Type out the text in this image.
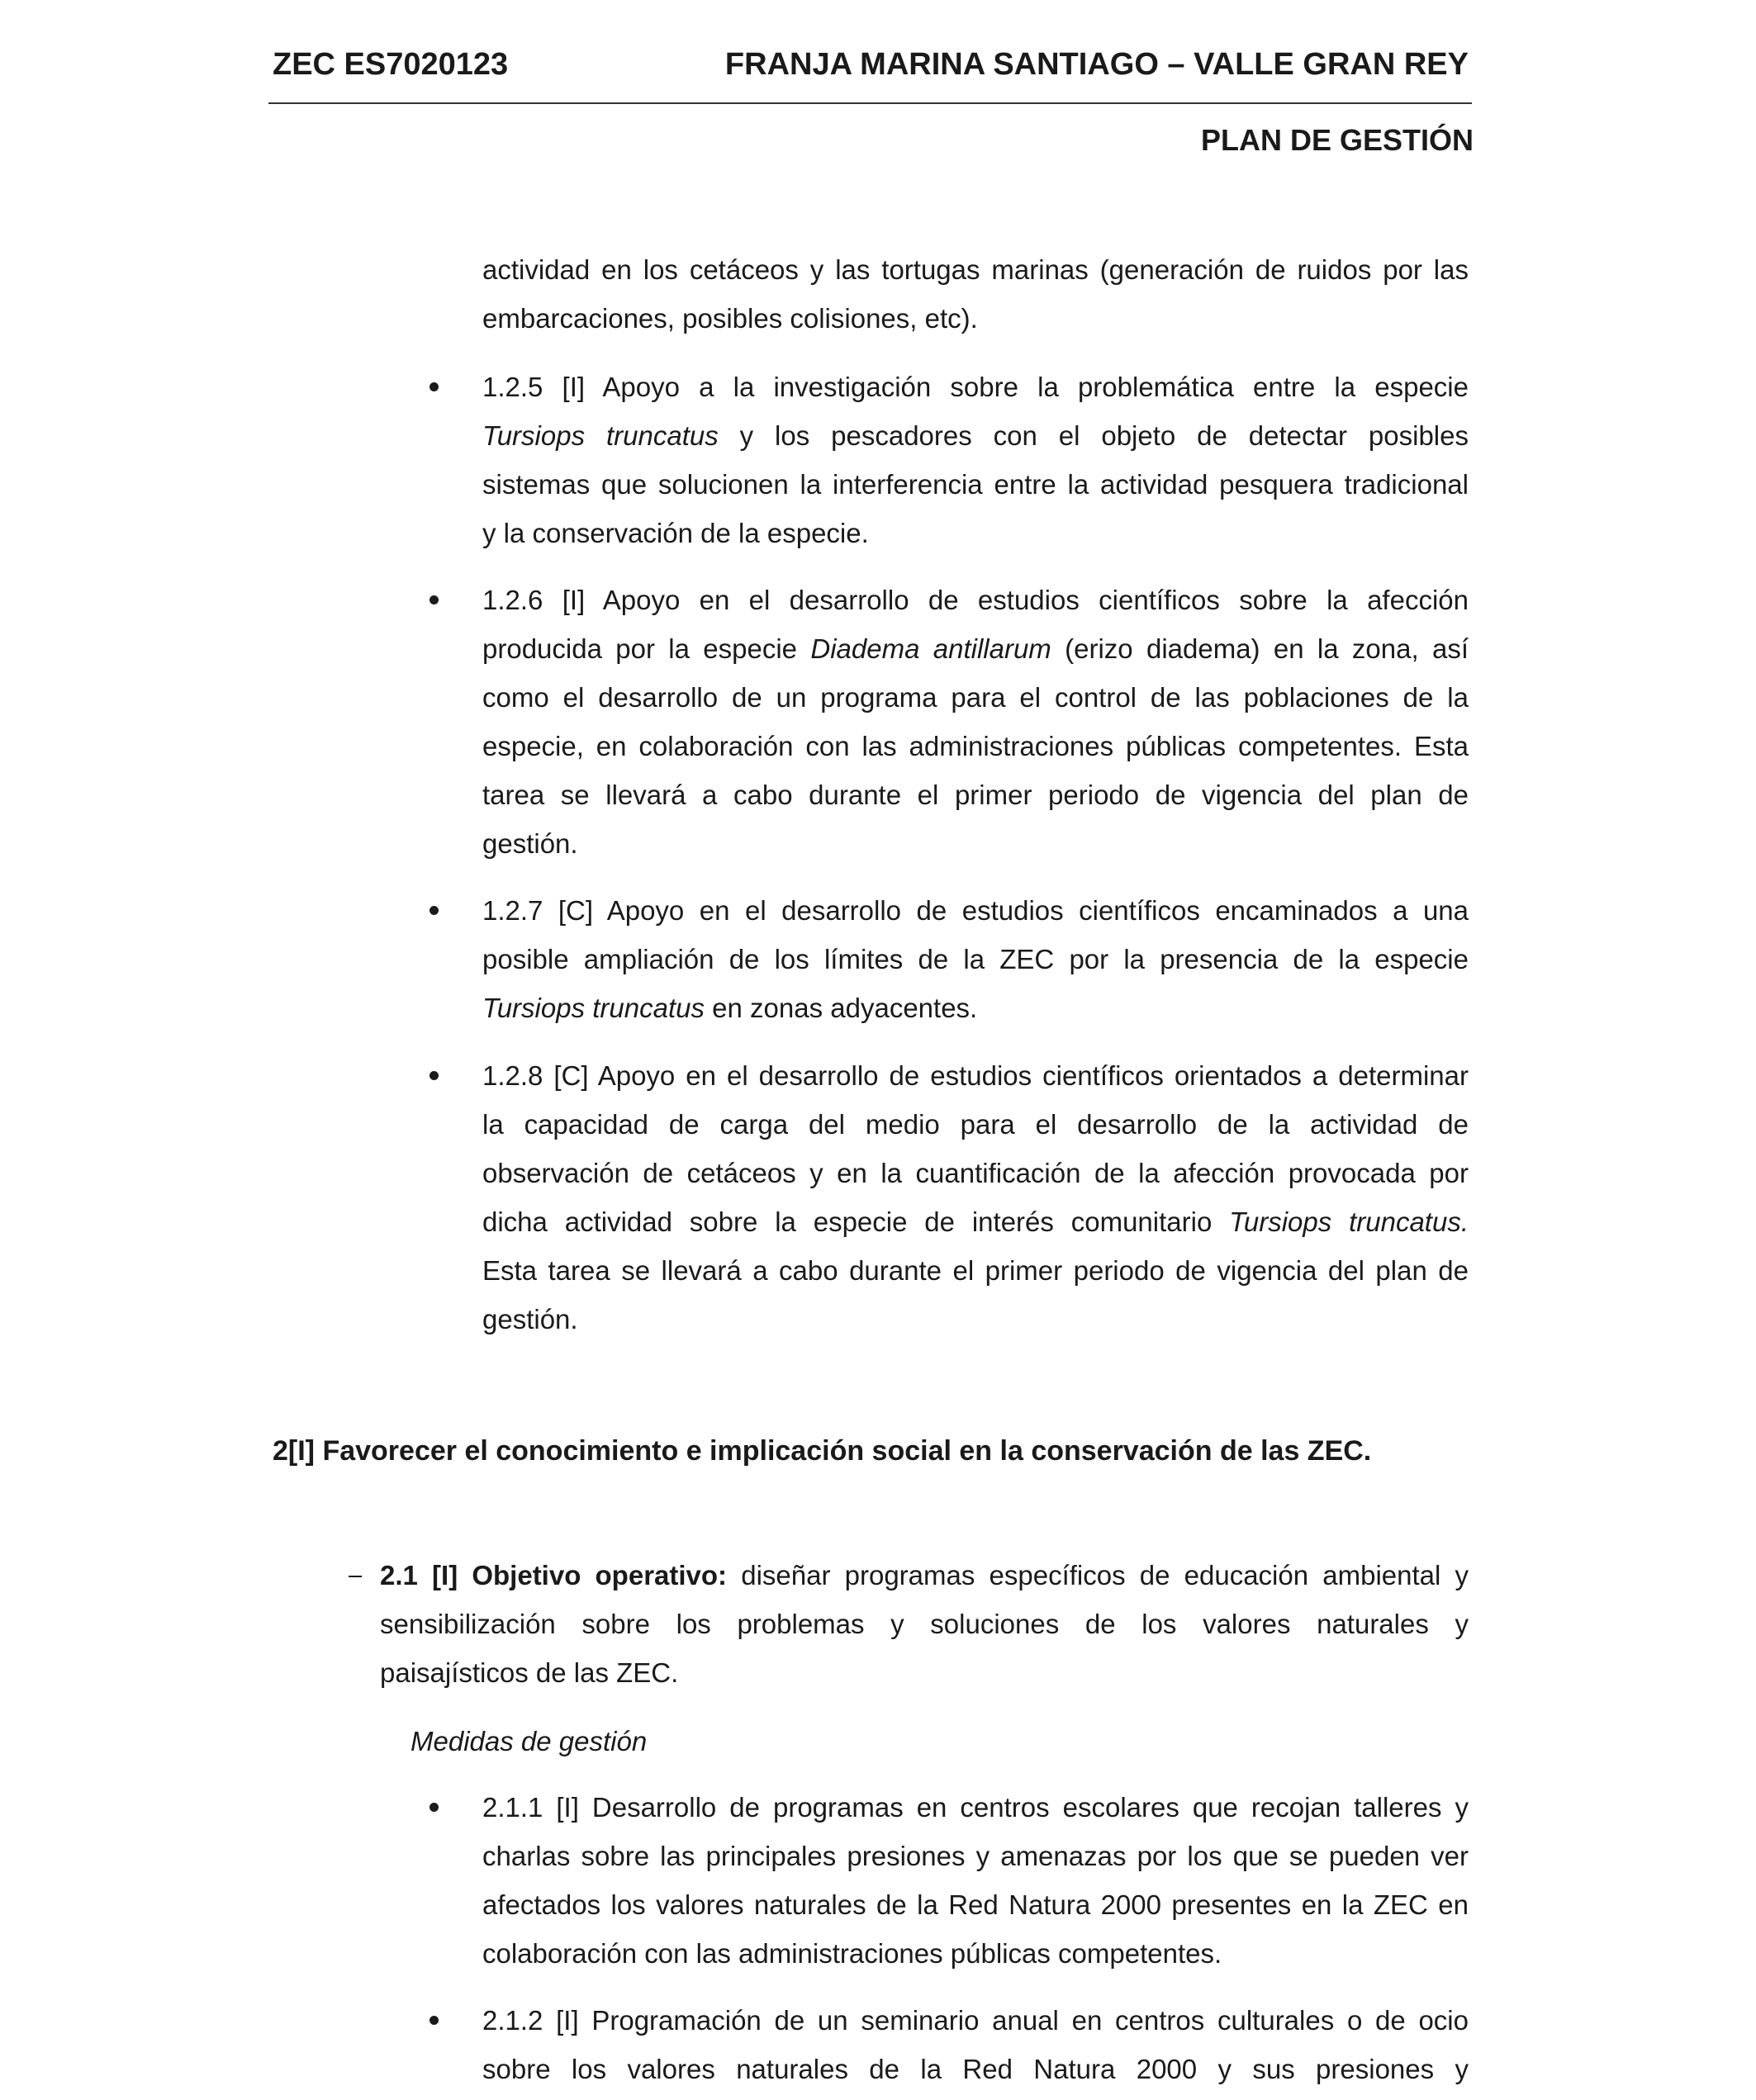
ZEC ES7020123	FRANJA MARINA SANTIAGO – VALLE GRAN REY
PLAN DE GESTIÓN
actividad en los cetáceos y las tortugas marinas (generación de ruidos por las
embarcaciones, posibles colisiones, etc).
1.2.5 [I] Apoyo a la investigación sobre la problemática entre la especie
Tursiops truncatus y los pescadores con el objeto de detectar posibles
sistemas que solucionen la interferencia entre la actividad pesquera tradicional
y la conservación de la especie.
1.2.6 [I] Apoyo en el desarrollo de estudios científicos sobre la afección
producida por la especie Diadema antillarum (erizo diadema) en la zona, así
como el desarrollo de un programa para el control de las poblaciones de la
especie, en colaboración con las administraciones públicas competentes. Esta
tarea se llevará a cabo durante el primer periodo de vigencia del plan de
gestión.
1.2.7 [C] Apoyo en el desarrollo de estudios científicos encaminados a una
posible ampliación de los límites de la ZEC por la presencia de la especie
Tursiops truncatus en zonas adyacentes.
1.2.8 [C] Apoyo en el desarrollo de estudios científicos orientados a determinar
la capacidad de carga del medio para el desarrollo de la actividad de
observación de cetáceos y en la cuantificación de la afección provocada por
dicha actividad sobre la especie de interés comunitario Tursiops truncatus.
Esta tarea se llevará a cabo durante el primer periodo de vigencia del plan de
gestión.
2[I] Favorecer el conocimiento e implicación social en la conservación de las ZEC.
2.1 [I] Objetivo operativo: diseñar programas específicos de educación ambiental y
sensibilización sobre los problemas y soluciones de los valores naturales y
paisajísticos de las ZEC.
Medidas de gestión
2.1.1 [I] Desarrollo de programas en centros escolares que recojan talleres y
charlas sobre las principales presiones y amenazas por los que se pueden ver
afectados los valores naturales de la Red Natura 2000 presentes en la ZEC en
colaboración con las administraciones públicas competentes.
2.1.2 [I] Programación de un seminario anual en centros culturales o de ocio
sobre los valores naturales de la Red Natura 2000 y sus presiones y
